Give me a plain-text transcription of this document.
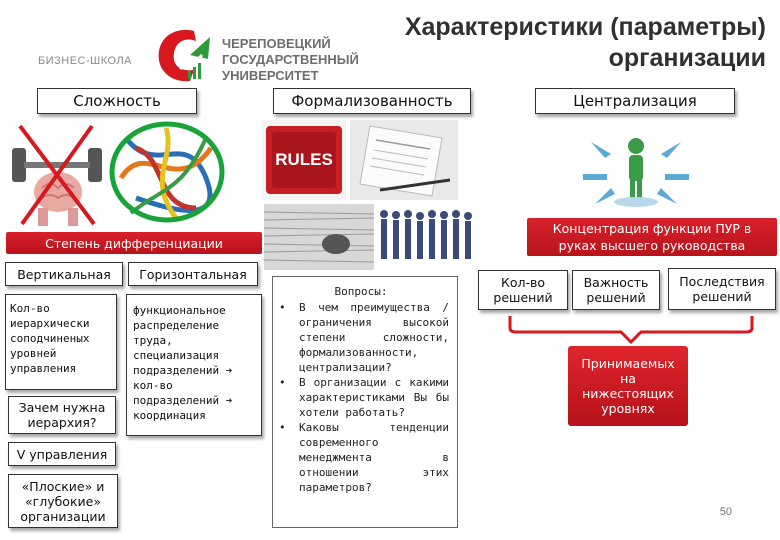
БИЗНЕС-ШКОЛА
ЧЕРЕПОВЕЦКИЙ
ГОСУДАРСТВЕННЫЙ
УНИВЕРСИТЕТ
Характеристики (параметры)
организации
Сложность	Формализованность	Централизация
RULES
Степень дифференциации
Вертикальная	Горизонтальная
Кол-во
иерархически
соподчиненых
уровней
управления
функциональное
распределение
труда,
специализация
подразделений ➔
кол-во
подразделений ➔
координация
Зачем нужна иерархия?
V управления
«Плоские» и «глубокие» организации
Вопросы:
• В чем преимущества / ограничения высокой степени сложности, формализованности, централизации?
• В организации с какими характеристиками Вы бы хотели работать?
• Каковы тенденции современного менеджмента в отношении этих параметров?
Концентрация функции ПУР в руках высшего руководства
Кол-во решений
Важность решений
Последствия решений
Принимаемых на нижестоящих уровнях
50
